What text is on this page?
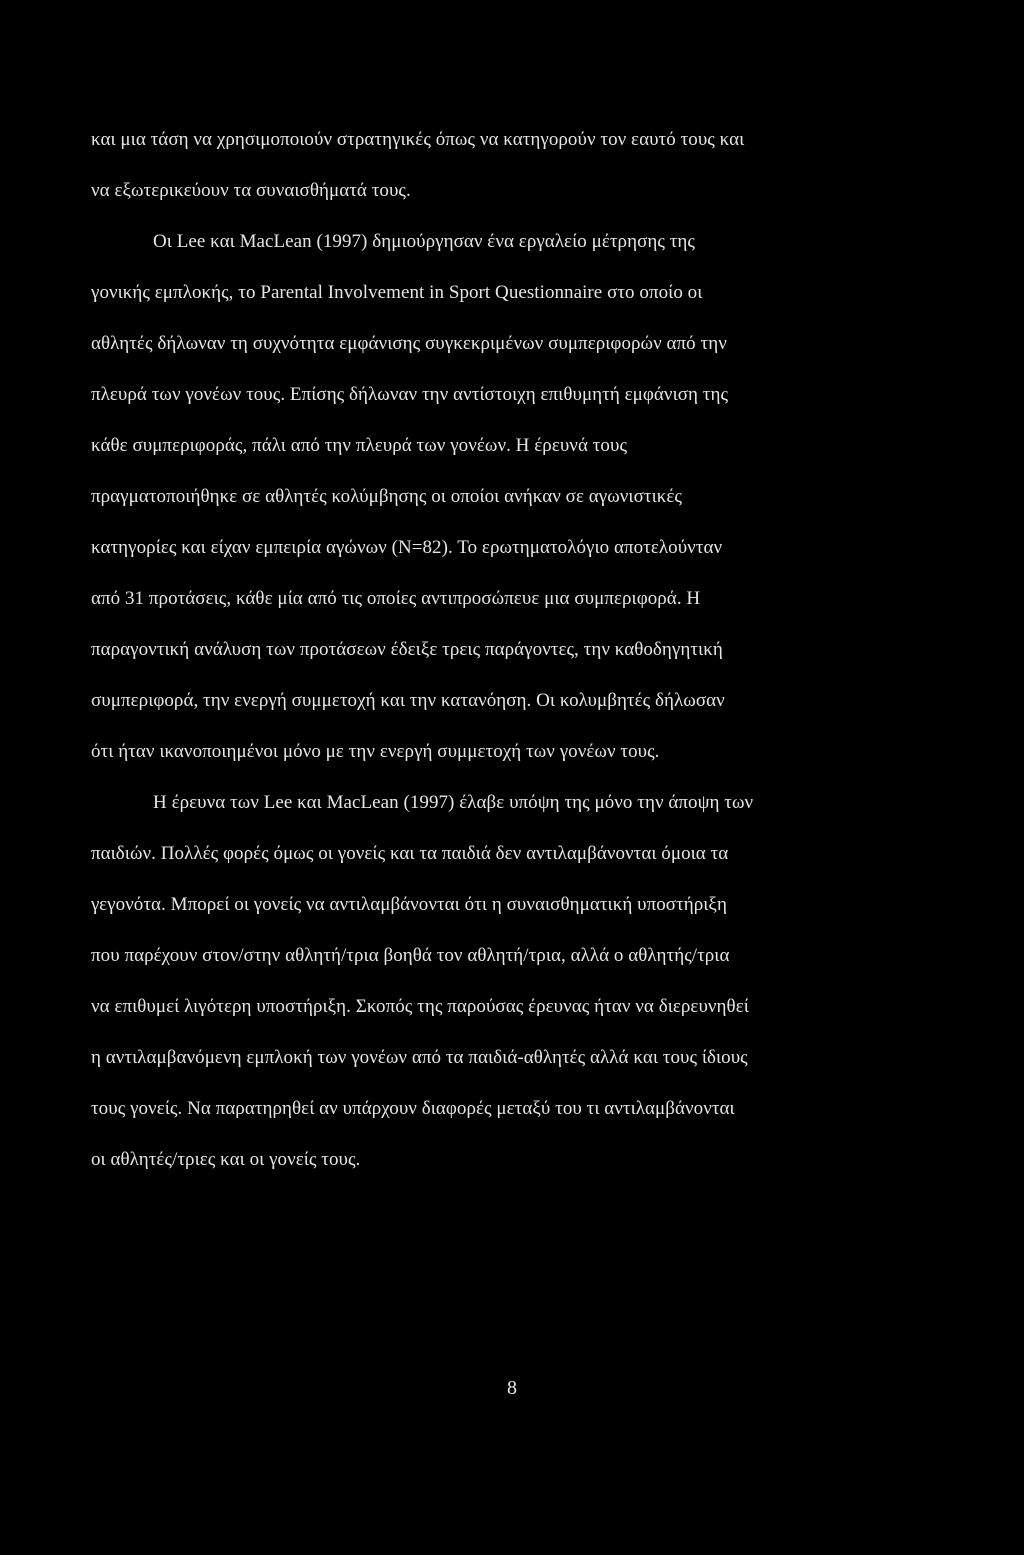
και μια τάση να χρησιμοποιούν στρατηγικές όπως να κατηγορούν τον εαυτό τους και
να εξωτερικεύουν τα συναισθήματά τους.
Οι Lee και MacLean (1997) δημιούργησαν ένα εργαλείο μέτρησης της
γονικής εμπλοκής, το Parental Involvement in Sport Questionnaire στο οποίο οι
αθλητές δήλωναν τη συχνότητα εμφάνισης συγκεκριμένων συμπεριφορών από την
πλευρά των γονέων τους. Επίσης δήλωναν την αντίστοιχη επιθυμητή εμφάνιση της
κάθε συμπεριφοράς, πάλι από την πλευρά των γονέων. Η έρευνά τους
πραγματοποιήθηκε σε αθλητές κολύμβησης οι οποίοι ανήκαν σε αγωνιστικές
κατηγορίες και είχαν εμπειρία αγώνων (N=82). Το ερωτηματολόγιο αποτελούνταν
από 31 προτάσεις, κάθε μία από τις οποίες αντιπροσώπευε μια συμπεριφορά. Η
παραγοντική ανάλυση των προτάσεων έδειξε τρεις παράγοντες, την καθοδηγητική
συμπεριφορά, την ενεργή συμμετοχή και την κατανόηση. Οι κολυμβητές δήλωσαν
ότι ήταν ικανοποιημένοι μόνο με την ενεργή συμμετοχή των γονέων τους.
Η έρευνα των Lee και MacLean (1997) έλαβε υπόψη της μόνο την άποψη των
παιδιών. Πολλές φορές όμως οι γονείς και τα παιδιά δεν αντιλαμβάνονται όμοια τα
γεγονότα. Μπορεί οι γονείς να αντιλαμβάνονται ότι η συναισθηματική υποστήριξη
που παρέχουν στον/στην αθλητή/τρια βοηθά τον αθλητή/τρια, αλλά ο αθλητής/τρια
να επιθυμεί λιγότερη υποστήριξη. Σκοπός της παρούσας έρευνας ήταν να διερευνηθεί
η αντιλαμβανόμενη εμπλοκή των γονέων από τα παιδιά-αθλητές αλλά και τους ίδιους
τους γονείς. Να παρατηρηθεί αν υπάρχουν διαφορές μεταξύ του τι αντιλαμβάνονται
οι αθλητές/τριες και οι γονείς τους.
8
